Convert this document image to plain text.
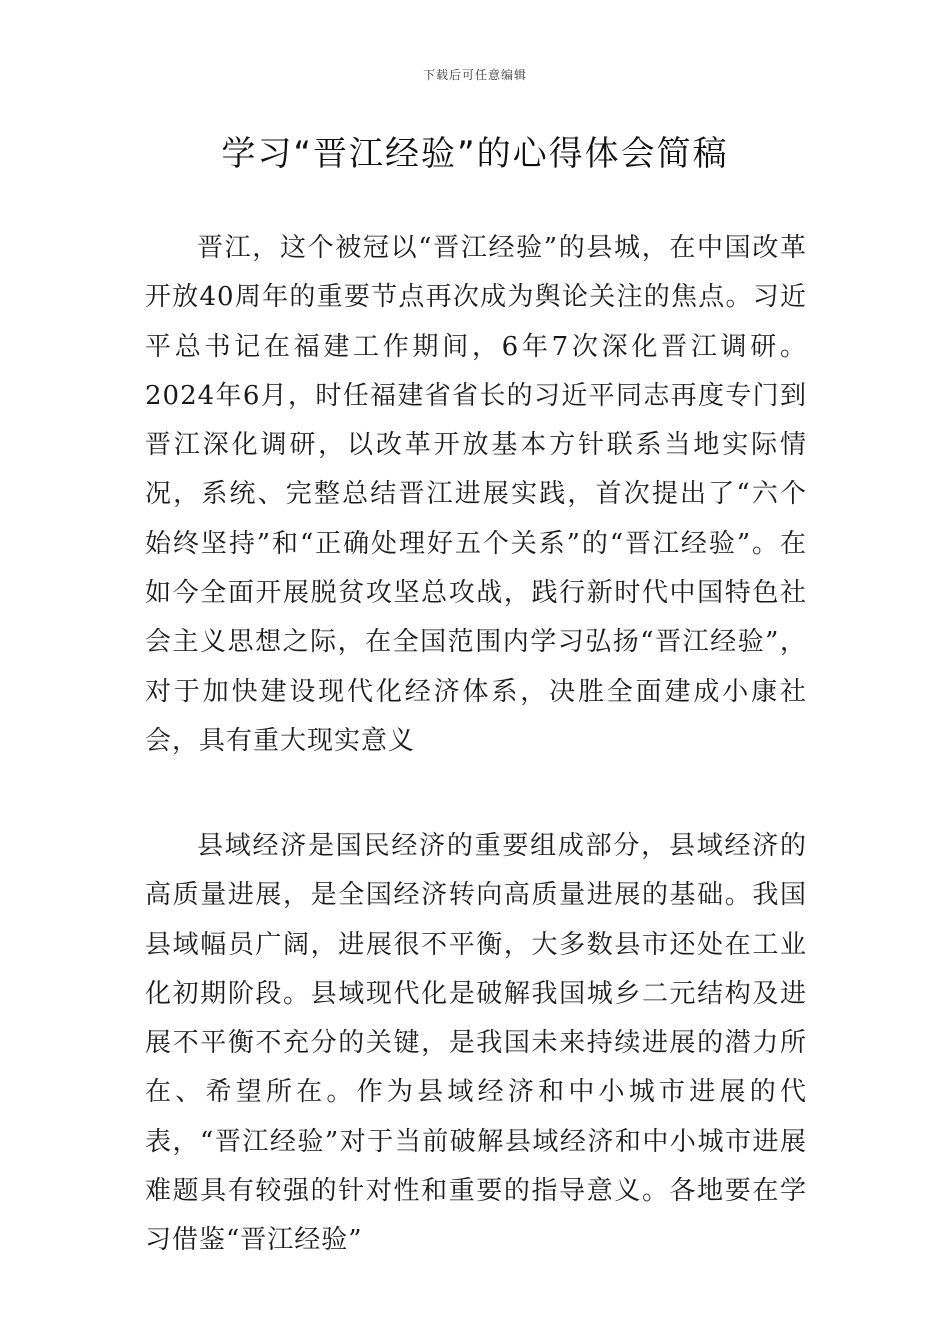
下载后可任意编辑
学习“晋江经验”的心得体会简稿

晋江，这个被冠以“晋江经验”的县城，在中国改革开放40周年的重要节点再次成为舆论关注的焦点。习近平总书记在福建工作期间，6年7次深化晋江调研。2024年6月，时任福建省省长的习近平同志再度专门到晋江深化调研，以改革开放基本方针联系当地实际情况，系统、完整总结晋江进展实践，首次提出了“六个始终坚持”和“正确处理好五个关系”的“晋江经验”。在如今全面开展脱贫攻坚总攻战，践行新时代中国特色社会主义思想之际，在全国范围内学习弘扬“晋江经验”，对于加快建设现代化经济体系，决胜全面建成小康社会，具有重大现实意义

县域经济是国民经济的重要组成部分，县域经济的高质量进展，是全国经济转向高质量进展的基础。我国县域幅员广阔，进展很不平衡，大多数县市还处在工业化初期阶段。县域现代化是破解我国城乡二元结构及进展不平衡不充分的关键，是我国未来持续进展的潜力所在、希望所在。作为县域经济和中小城市进展的代表，“晋江经验”对于当前破解县域经济和中小城市进展难题具有较强的针对性和重要的指导意义。各地要在学习借鉴“晋江经验”
